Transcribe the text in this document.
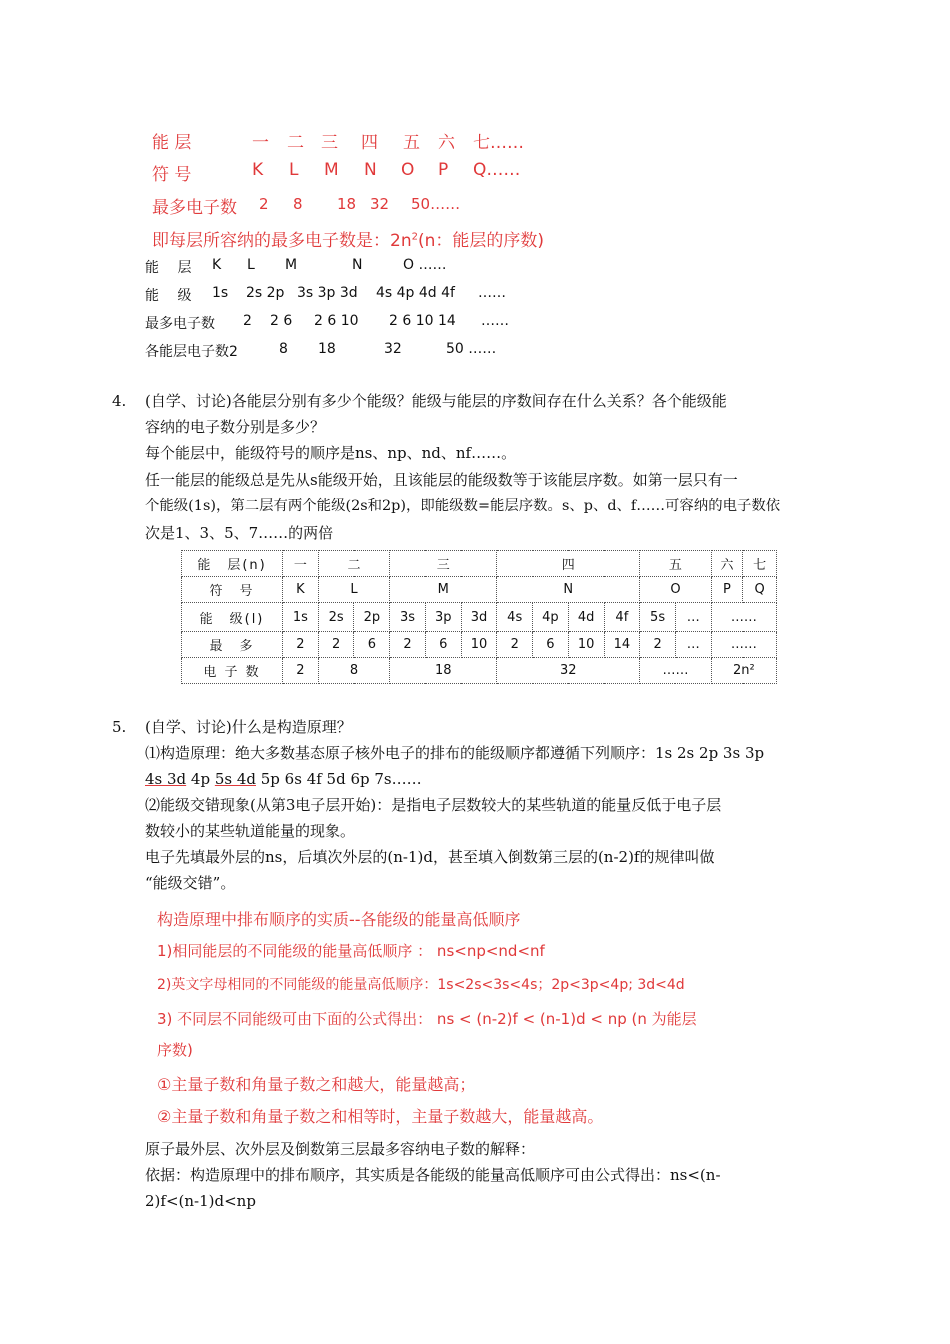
能 层	一 二 三 四 五 六 七……
符 号	K L M N O P Q……
最多电子数 2 8 18 32 50……
即每层所容纳的最多电子数是：$2n^2(n$：能层的序数)
能　 层 K L M	N	O ……
能　 级 1s 2s 2p 3s 3p 3d 4s 4p 4d 4f ……
最多电子数 2 2 6 2 6 10 2 6 10 14 ……
各能层电子数2	8 18	32	50 ……
4. (自学、讨论)各能层分别有多少个能级？能级与能层的序数间存在什么关系？各个能级能
容纳的电子数分别是多少？
每个能层中，能级符号的顺序是ns、np、nd、nf……。
任一能层的能级总是先从s能级开始，且该能层的能级数等于该能层序数。如第一层只有一
个能级(1s)，第二层有两个能级(2s和2p)，即能级数=能层序数。s、p、d、f……可容纳的电子数依
次是1、3、5、7……的两倍
能　层(n)	一	二		三			四				五		六	七
符　号	K	L		M			N				O		P	Q
能　级(l)	1s	2s	2p	3s	3p	3d	4s	4p	4d	4f	5s	…	……	
最　多	2	2	6	2	6	10	2	6	10	14	2	…	……	
电 子 数	2	8		18			32				……		2n²	
5. (自学、讨论)什么是构造原理？
⑴构造原理：绝大多数基态原子核外电子的排布的能级顺序都遵循下列顺序：1s 2s 2p 3s 3p
4s 3d 4p 5s 4d 5p 6s 4f 5d 6p 7s……
⑵能级交错现象(从第3电子层开始)：是指电子层数较大的某些轨道的能量反低于电子层
数较小的某些轨道能量的现象。
电子先填最外层的ns，后填次外层的(n-1)d，甚至填入倒数第三层的(n-2)f的规律叫做
“能级交错”。
构造原理中排布顺序的实质--各能级的能量高低顺序
1)相同能层的不同能级的能量高低顺序 ： ns<np<nd<nf
2)英文字母相同的不同能级的能量高低顺序：1s<2s<3s<4s；2p<3p<4p; 3d<4d
3) 不同层不同能级可由下面的公式得出： ns < (n-2)f < (n-1)d < np (n 为能层
序数)
①主量子数和角量子数之和越大，能量越高；
②主量子数和角量子数之和相等时，主量子数越大，能量越高。
原子最外层、次外层及倒数第三层最多容纳电子数的解释：
依据：构造原理中的排布顺序，其实质是各能级的能量高低顺序可由公式得出：ns<(n-
2)f<(n-1)d<np
